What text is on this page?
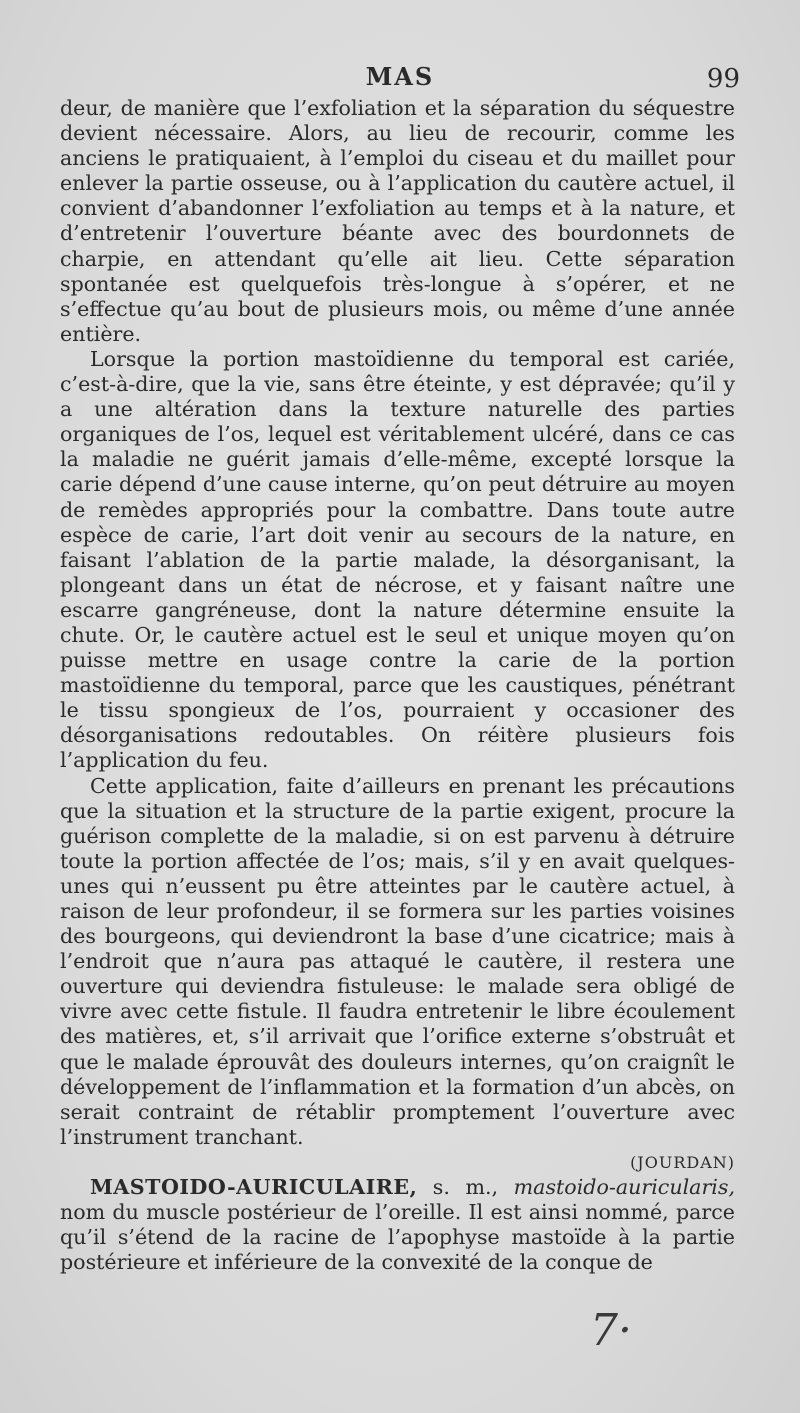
MAS	99

deur, de manière que l’exfoliation et la séparation du séquestre devient nécessaire. Alors, au lieu de recourir, comme les anciens le pratiquaient, à l’emploi du ciseau et du maillet pour enlever la partie osseuse, ou à l’application du cautère actuel, il convient d’abandonner l’exfoliation au temps et à la nature, et d’entretenir l’ouverture béante avec des bourdonnets de charpie, en attendant qu’elle ait lieu. Cette séparation spontanée est quelquefois très-longue à s’opérer, et ne s’effectue qu’au bout de plusieurs mois, ou même d’une année entière.

Lorsque la portion mastoïdienne du temporal est cariée, c’est-à-dire, que la vie, sans être éteinte, y est dépravée; qu’il y a une altération dans la texture naturelle des parties organiques de l’os, lequel est véritablement ulcéré, dans ce cas la maladie ne guérit jamais d’elle-même, excepté lorsque la carie dépend d’une cause interne, qu’on peut détruire au moyen de remèdes appropriés pour la combattre. Dans toute autre espèce de carie, l’art doit venir au secours de la nature, en faisant l’ablation de la partie malade, la désorganisant, la plongeant dans un état de nécrose, et y faisant naître une escarre gangréneuse, dont la nature détermine ensuite la chute. Or, le cautère actuel est le seul et unique moyen qu’on puisse mettre en usage contre la carie de la portion mastoïdienne du temporal, parce que les caustiques, pénétrant le tissu spongieux de l’os, pourraient y occasioner des désorganisations redoutables. On réitère plusieurs fois l’application du feu.

Cette application, faite d’ailleurs en prenant les précautions que la situation et la structure de la partie exigent, procure la guérison complette de la maladie, si on est parvenu à détruire toute la portion affectée de l’os; mais, s’il y en avait quelques-unes qui n’eussent pu être atteintes par le cautère actuel, à raison de leur profondeur, il se formera sur les parties voisines des bourgeons, qui deviendront la base d’une cicatrice; mais à l’endroit que n’aura pas attaqué le cautère, il restera une ouverture qui deviendra fistuleuse: le malade sera obligé de vivre avec cette fistule. Il faudra entretenir le libre écoulement des matières, et, s’il arrivait que l’orifice externe s’obstruât et que le malade éprouvât des douleurs internes, qu’on craignît le développement de l’inflammation et la formation d’un abcès, on serait contraint de rétablir promptement l’ouverture avec l’instrument tranchant.

(JOURDAN)

MASTOIDO-AURICULAIRE, s. m., mastoido-auricularis, nom du muscle postérieur de l’oreille. Il est ainsi nommé, parce qu’il s’étend de la racine de l’apophyse mastoïde à la partie postérieure et inférieure de la convexité de la conque de

7·
